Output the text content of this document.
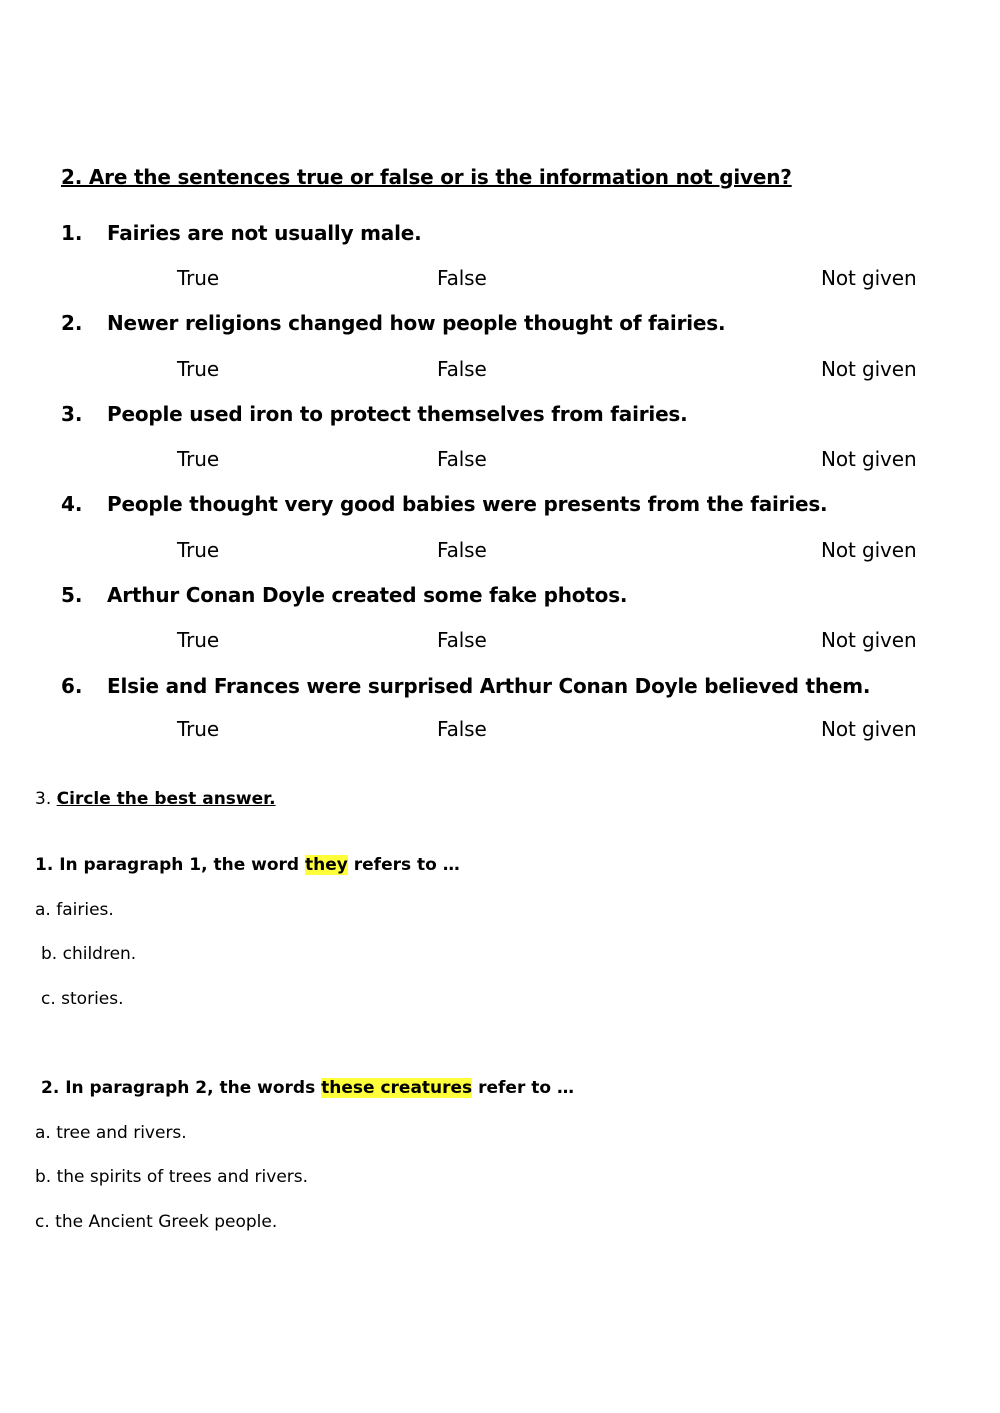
2. Are the sentences true or false or is the information not given?
1. Fairies are not usually male.
True	False	Not given
2. Newer religions changed how people thought of fairies.
True	False	Not given
3. People used iron to protect themselves from fairies.
True	False	Not given
4. People thought very good babies were presents from the fairies.
True	False	Not given
5. Arthur Conan Doyle created some fake photos.
True	False	Not given
6. Elsie and Frances were surprised Arthur Conan Doyle believed them.
True	False	Not given
3. Circle the best answer.
1. In paragraph 1, the word they refers to …
a. fairies.
b. children.
c. stories.
2. In paragraph 2, the words these creatures refer to …
a. tree and rivers.
b. the spirits of trees and rivers.
c. the Ancient Greek people.
